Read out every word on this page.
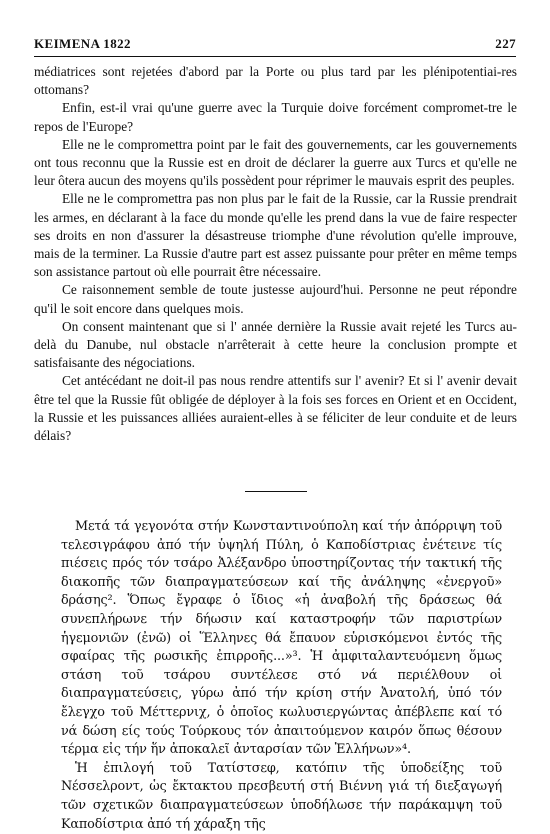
KEIMENA 1822	227

médiatrices sont rejetées d'abord par la Porte ou plus tard par les plénipotentiai-res ottomans?

Enfin, est-il vrai qu'une guerre avec la Turquie doive forcément compromet-tre le repos de l'Europe?

Elle ne le compromettra point par le fait des gouvernements, car les gouvernements ont tous reconnu que la Russie est en droit de déclarer la guerre aux Turcs et qu'elle ne leur ôtera aucun des moyens qu'ils possèdent pour réprimer le mauvais esprit des peuples.

Elle ne le compromettra pas non plus par le fait de la Russie, car la Russie prendrait les armes, en déclarant à la face du monde qu'elle les prend dans la vue de faire respecter ses droits en non d'assurer la désastreuse triomphe d'une révolution qu'elle improuve, mais de la terminer. La Russie d'autre part est assez puissante pour prêter en même temps son assistance partout où elle pourrait être nécessaire.

Ce raisonnement semble de toute justesse aujourd'hui. Personne ne peut répondre qu'il le soit encore dans quelques mois.

On consent maintenant que si l' année dernière la Russie avait rejeté les Turcs au-delà du Danube, nul obstacle n'arrêterait à cette heure la conclusion prompte et satisfaisante des négociations.

Cet antécédant ne doit-il pas nous rendre attentifs sur l' avenir? Et si l' avenir devait être tel que la Russie fût obligée de déployer à la fois ses forces en Orient et en Occident, la Russie et les puissances alliées auraient-elles à se féliciter de leur conduite et de leurs délais?

Μετά τά γεγονότα στήν Κωνσταντινούπολη καί τήν ἀπόρριψη τοῦ τελεσιγράφου ἀπό τήν ὑψηλή Πύλη, ὁ Καποδίστριας ἐνέτεινε τίς πιέσεις πρός τόν τσάρο Ἀλέξανδρο ὑποστηρίζοντας τήν τακτική τῆς διακοπῆς τῶν διαπραγματεύσεων καί τῆς ἀνάληψης «ἐνεργοῦ» δράσης². Ὅπως ἔγραφε ὁ ἴδιος «ἡ ἀναβολή τῆς δράσεως θά συνεπλήρωνε τήν δήωσιν καί καταστροφήν τῶν παριστρίων ἡγεμονιῶν (ἐνῶ) οἱ Ἕλληνες θά ἔπαυον εὑρισκόμενοι ἐντός τῆς σφαίρας τῆς ρωσικῆς ἐπιρροῆς...»³. Ἡ ἀμφιταλαντευόμενη ὅμως στάση τοῦ τσάρου συντέλεσε στό νά περιέλθουν οἱ διαπραγματεύσεις, γύρω ἀπό τήν κρίση στήν Ἀνατολή, ὑπό τόν ἔλεγχο τοῦ Μέττερνιχ, ὁ ὁποῖος κωλυσιεργώντας ἀπέβλεπε καί τό νά δώση είς τούς Τούρκους τόν ἀπαιτούμενον καιρόν ὅπως θέσουν τέρμα εἰς τήν ἥν ἀποκαλεῖ ἀνταρσίαν τῶν Ἑλλήνων»⁴.

Ἡ ἐπιλογή τοῦ Τατίστσεφ, κατόπιν τῆς ὑποδείξης τοῦ Νέσσελροντ, ὡς ἔκτακτου πρεσβευτή στή Βιέννη γιά τή διεξαγωγή τῶν σχετικῶν διαπραγματεύσεων ὑποδήλωσε τήν παράκαμψη τοῦ Καποδίστρια ἀπό τή χάραξη τῆς
